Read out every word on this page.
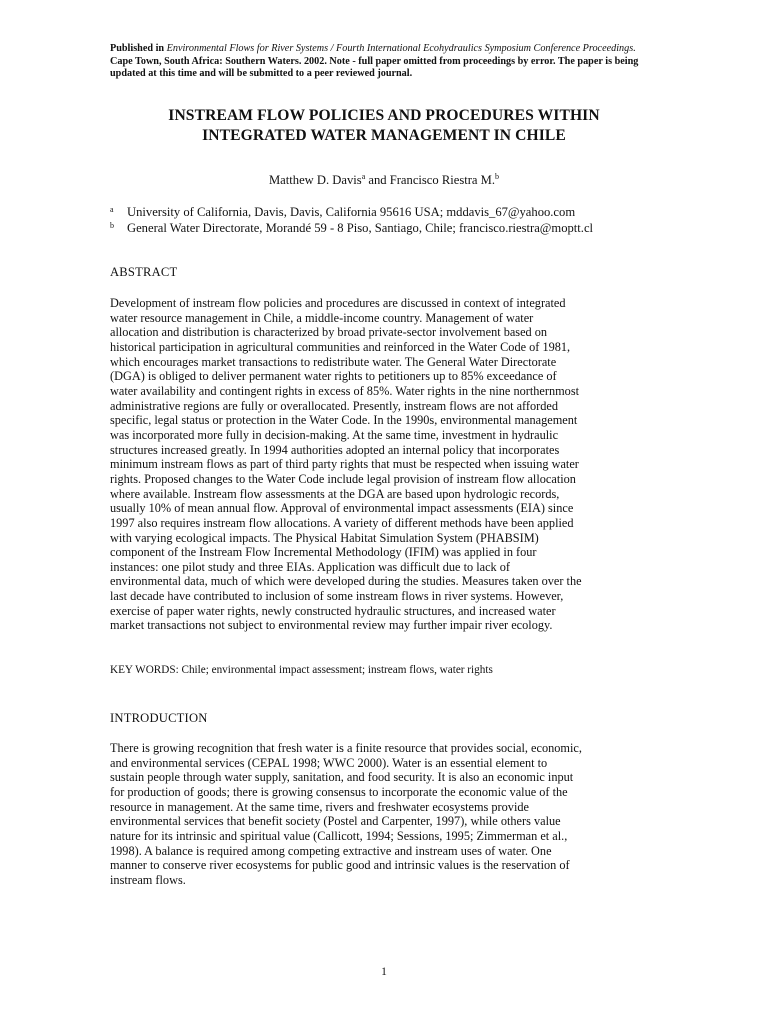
Published in Environmental Flows for River Systems / Fourth International Ecohydraulics Symposium Conference Proceedings. Cape Town, South Africa: Southern Waters. 2002. Note - full paper omitted from proceedings by error. The paper is being updated at this time and will be submitted to a peer reviewed journal.
INSTREAM FLOW POLICIES AND PROCEDURES WITHIN
INTEGRATED WATER MANAGEMENT IN CHILE
Matthew D. Davis$^a$ and Francisco Riestra M.$^b$
a University of California, Davis, Davis, California 95616 USA; mddavis_67@yahoo.com
b General Water Directorate, Morandé 59 - 8 Piso, Santiago, Chile; francisco.riestra@moptt.cl
ABSTRACT
Development of instream flow policies and procedures are discussed in context of integrated
water resource management in Chile, a middle-income country. Management of water
allocation and distribution is characterized by broad private-sector involvement based on
historical participation in agricultural communities and reinforced in the Water Code of 1981,
which encourages market transactions to redistribute water. The General Water Directorate
(DGA) is obliged to deliver permanent water rights to petitioners up to 85% exceedance of
water availability and contingent rights in excess of 85%. Water rights in the nine northernmost
administrative regions are fully or overallocated. Presently, instream flows are not afforded
specific, legal status or protection in the Water Code. In the 1990s, environmental management
was incorporated more fully in decision-making. At the same time, investment in hydraulic
structures increased greatly. In 1994 authorities adopted an internal policy that incorporates
minimum instream flows as part of third party rights that must be respected when issuing water
rights. Proposed changes to the Water Code include legal provision of instream flow allocation
where available. Instream flow assessments at the DGA are based upon hydrologic records,
usually 10% of mean annual flow. Approval of environmental impact assessments (EIA) since
1997 also requires instream flow allocations. A variety of different methods have been applied
with varying ecological impacts. The Physical Habitat Simulation System (PHABSIM)
component of the Instream Flow Incremental Methodology (IFIM) was applied in four
instances: one pilot study and three EIAs. Application was difficult due to lack of
environmental data, much of which were developed during the studies. Measures taken over the
last decade have contributed to inclusion of some instream flows in river systems. However,
exercise of paper water rights, newly constructed hydraulic structures, and increased water
market transactions not subject to environmental review may further impair river ecology.
KEY WORDS: Chile; environmental impact assessment; instream flows, water rights
INTRODUCTION
There is growing recognition that fresh water is a finite resource that provides social, economic,
and environmental services (CEPAL 1998; WWC 2000). Water is an essential element to
sustain people through water supply, sanitation, and food security. It is also an economic input
for production of goods; there is growing consensus to incorporate the economic value of the
resource in management. At the same time, rivers and freshwater ecosystems provide
environmental services that benefit society (Postel and Carpenter, 1997), while others value
nature for its intrinsic and spiritual value (Callicott, 1994; Sessions, 1995; Zimmerman et al.,
1998). A balance is required among competing extractive and instream uses of water. One
manner to conserve river ecosystems for public good and intrinsic values is the reservation of
instream flows.
1
